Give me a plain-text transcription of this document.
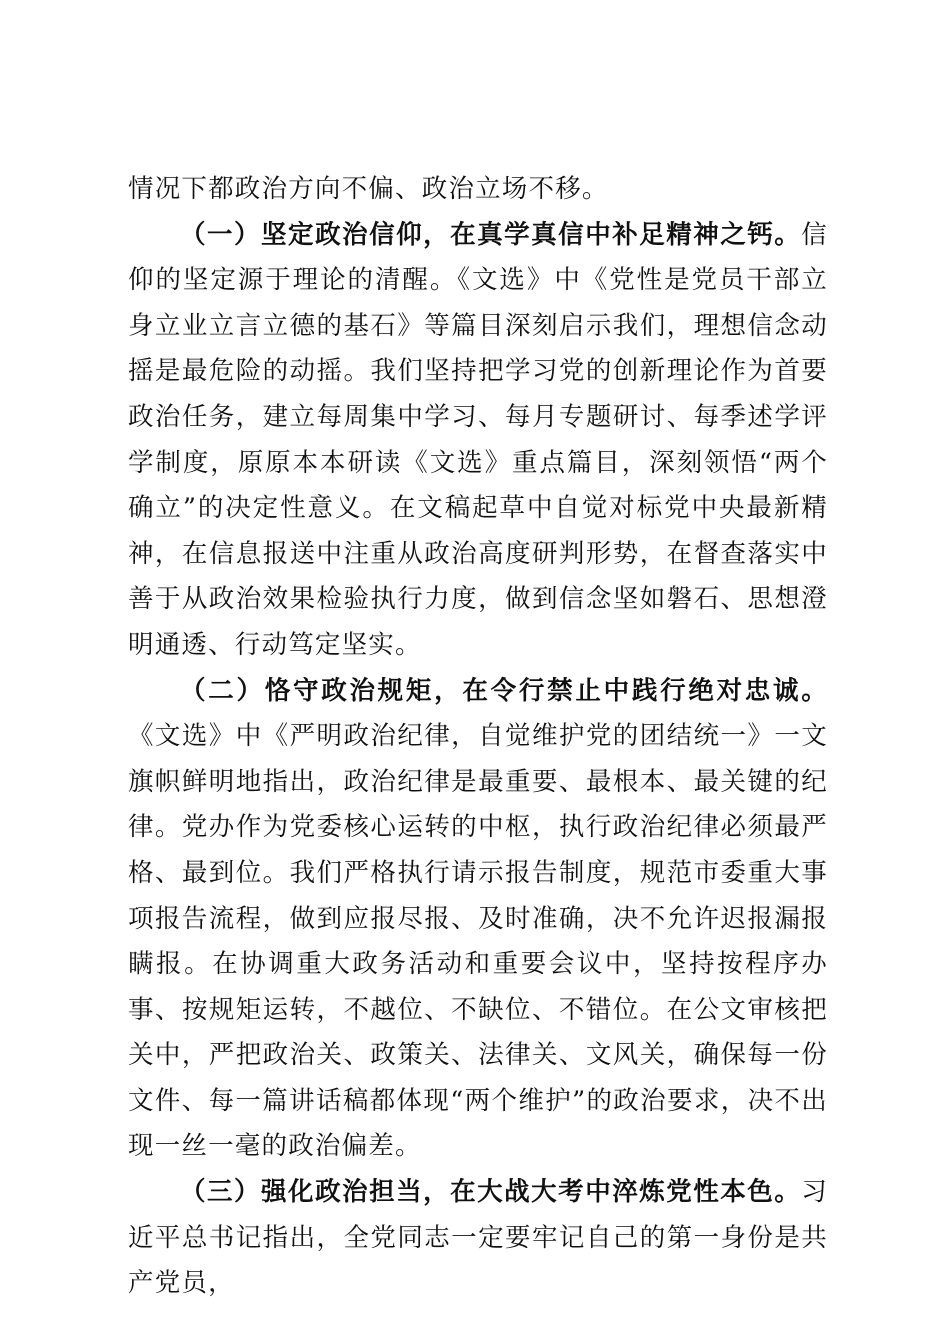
情况下都政治方向不偏、政治立场不移。

（一）坚定政治信仰，在真学真信中补足精神之钙。信仰的坚定源于理论的清醒。《文选》中《党性是党员干部立身立业立言立德的基石》等篇目深刻启示我们，理想信念动摇是最危险的动摇。我们坚持把学习党的创新理论作为首要政治任务，建立每周集中学习、每月专题研讨、每季述学评学制度，原原本本研读《文选》重点篇目，深刻领悟“两个确立”的决定性意义。在文稿起草中自觉对标党中央最新精神，在信息报送中注重从政治高度研判形势，在督查落实中善于从政治效果检验执行力度，做到信念坚如磐石、思想澄明通透、行动笃定坚实。

（二）恪守政治规矩，在令行禁止中践行绝对忠诚。《文选》中《严明政治纪律，自觉维护党的团结统一》一文旗帜鲜明地指出，政治纪律是最重要、最根本、最关键的纪律。党办作为党委核心运转的中枢，执行政治纪律必须最严格、最到位。我们严格执行请示报告制度，规范市委重大事项报告流程，做到应报尽报、及时准确，决不允许迟报漏报瞒报。在协调重大政务活动和重要会议中，坚持按程序办事、按规矩运转，不越位、不缺位、不错位。在公文审核把关中，严把政治关、政策关、法律关、文风关，确保每一份文件、每一篇讲话稿都体现“两个维护”的政治要求，决不出现一丝一毫的政治偏差。

（三）强化政治担当，在大战大考中淬炼党性本色。习近平总书记指出，全党同志一定要牢记自己的第一身份是共产党员，
